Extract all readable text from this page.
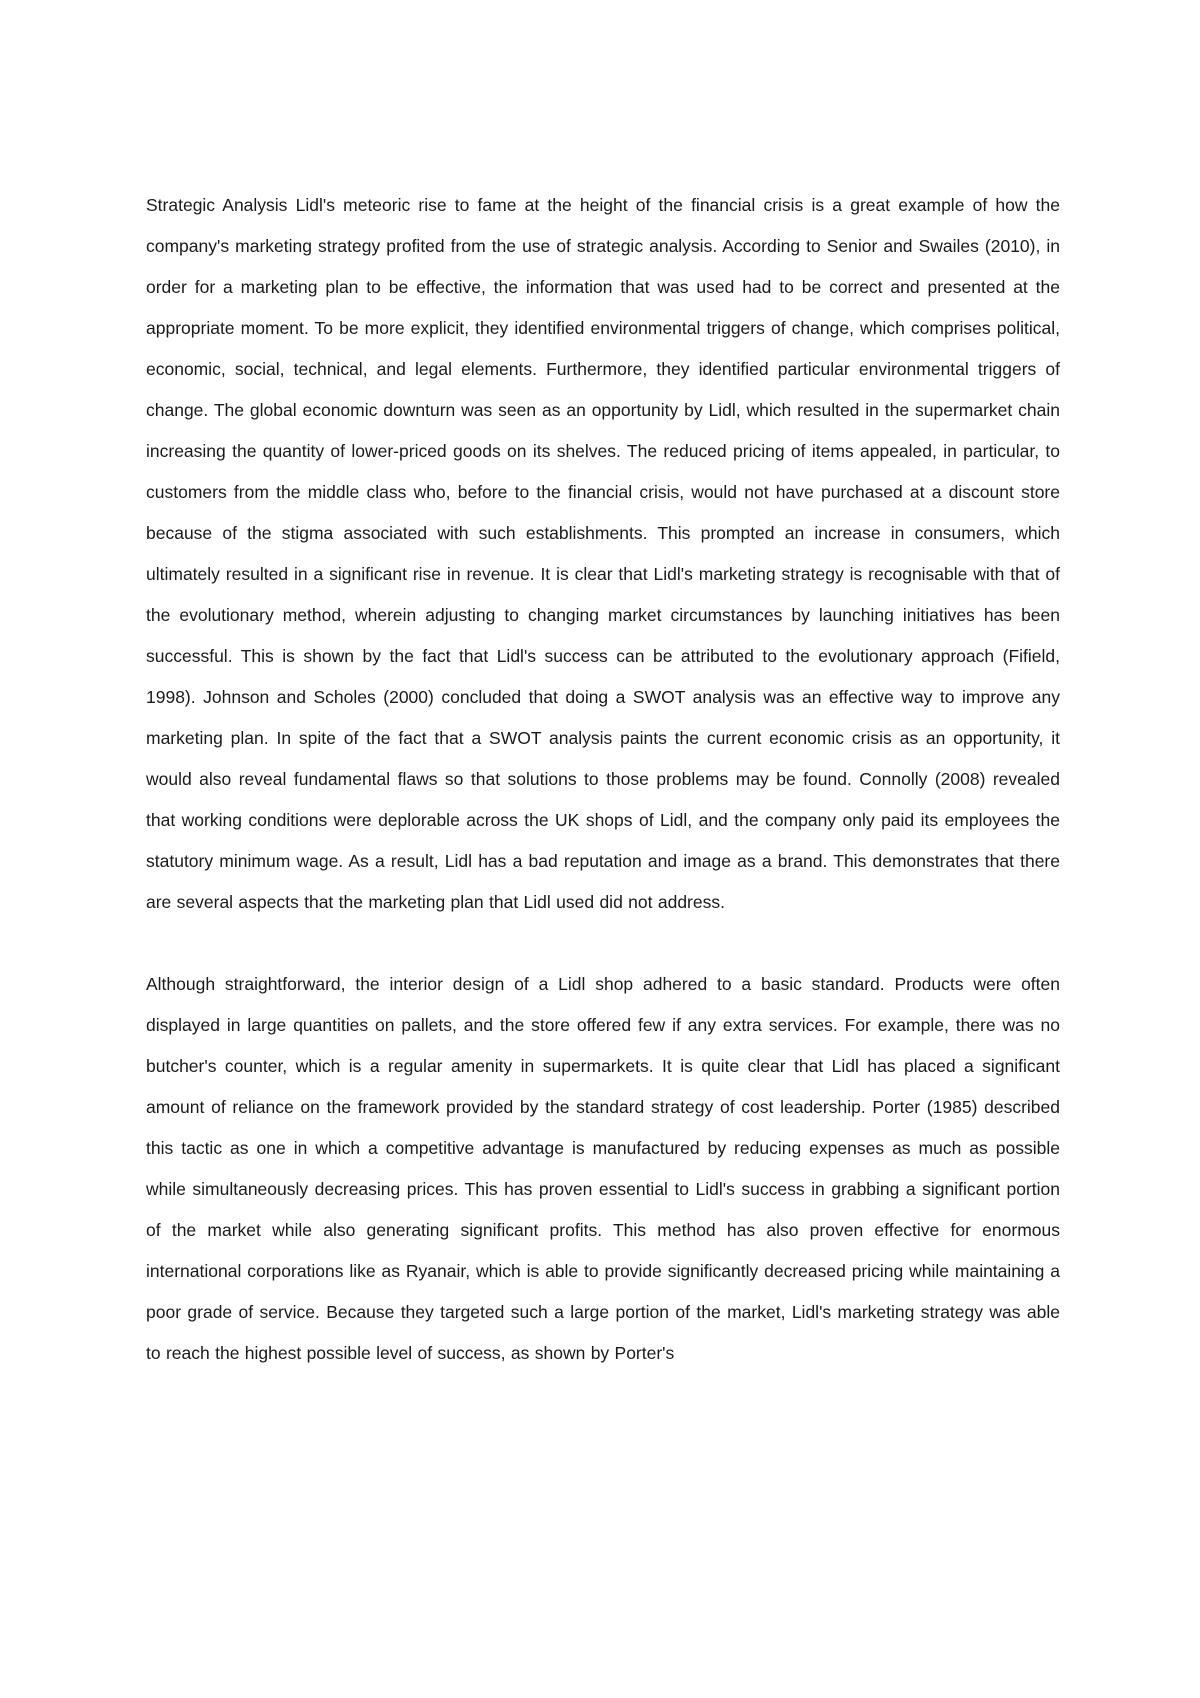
Strategic Analysis Lidl's meteoric rise to fame at the height of the financial crisis is a great example of how the company's marketing strategy profited from the use of strategic analysis. According to Senior and Swailes (2010), in order for a marketing plan to be effective, the information that was used had to be correct and presented at the appropriate moment. To be more explicit, they identified environmental triggers of change, which comprises political, economic, social, technical, and legal elements. Furthermore, they identified particular environmental triggers of change. The global economic downturn was seen as an opportunity by Lidl, which resulted in the supermarket chain increasing the quantity of lower-priced goods on its shelves. The reduced pricing of items appealed, in particular, to customers from the middle class who, before to the financial crisis, would not have purchased at a discount store because of the stigma associated with such establishments. This prompted an increase in consumers, which ultimately resulted in a significant rise in revenue. It is clear that Lidl's marketing strategy is recognisable with that of the evolutionary method, wherein adjusting to changing market circumstances by launching initiatives has been successful. This is shown by the fact that Lidl's success can be attributed to the evolutionary approach (Fifield, 1998). Johnson and Scholes (2000) concluded that doing a SWOT analysis was an effective way to improve any marketing plan. In spite of the fact that a SWOT analysis paints the current economic crisis as an opportunity, it would also reveal fundamental flaws so that solutions to those problems may be found. Connolly (2008) revealed that working conditions were deplorable across the UK shops of Lidl, and the company only paid its employees the statutory minimum wage. As a result, Lidl has a bad reputation and image as a brand. This demonstrates that there are several aspects that the marketing plan that Lidl used did not address.

Although straightforward, the interior design of a Lidl shop adhered to a basic standard. Products were often displayed in large quantities on pallets, and the store offered few if any extra services. For example, there was no butcher's counter, which is a regular amenity in supermarkets. It is quite clear that Lidl has placed a significant amount of reliance on the framework provided by the standard strategy of cost leadership. Porter (1985) described this tactic as one in which a competitive advantage is manufactured by reducing expenses as much as possible while simultaneously decreasing prices. This has proven essential to Lidl's success in grabbing a significant portion of the market while also generating significant profits. This method has also proven effective for enormous international corporations like as Ryanair, which is able to provide significantly decreased pricing while maintaining a poor grade of service. Because they targeted such a large portion of the market, Lidl's marketing strategy was able to reach the highest possible level of success, as shown by Porter's
